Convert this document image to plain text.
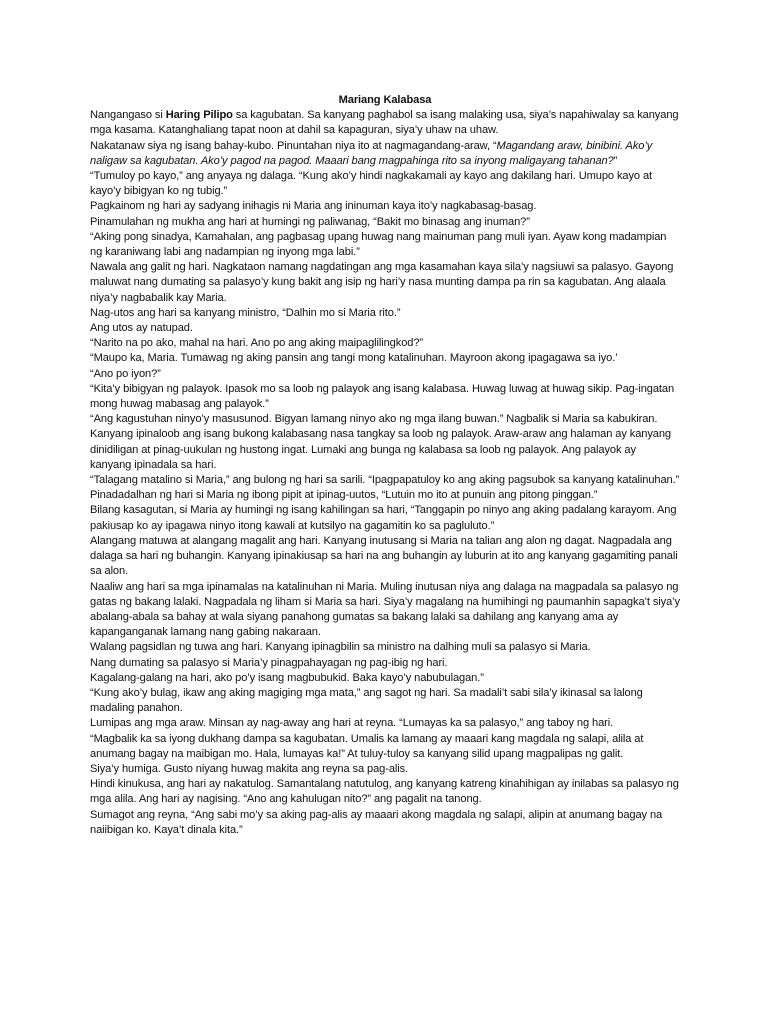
Mariang Kalabasa

Nangangaso si Haring Pilipo sa kagubatan. Sa kanyang paghabol sa isang malaking usa, siya’s napahiwalay sa kanyang mga kasama. Katanghaliang tapat noon at dahil sa kapaguran, siya’y uhaw na uhaw.

Nakatanaw siya ng isang bahay-kubo. Pinuntahan niya ito at nagmagandang-araw, “Magandang araw, binibini. Ako’y naligaw sa kagubatan. Ako’y pagod na pagod. Maaari bang magpahinga rito sa inyong maligayang tahanan?”

“Tumuloy po kayo,” ang anyaya ng dalaga. “Kung ako’y hindi nagkakamali ay kayo ang dakilang hari. Umupo kayo at kayo’y bibigyan ko ng tubig.”

Pagkainom ng hari ay sadyang inihagis ni Maria ang ininuman kaya ito’y nagkabasag-basag.

Pinamulahan ng mukha ang hari at humingi ng paliwanag, “Bakit mo binasag ang inuman?”

“Aking pong sinadya, Kamahalan, ang pagbasag upang huwag nang mainuman pang muli iyan. Ayaw kong madampian ng karaniwang labi ang nadampian ng inyong mga labi.”

Nawala ang galit ng hari. Nagkataon namang nagdatingan ang mga kasamahan kaya sila’y nagsiuwi sa palasyo. Gayong maluwat nang dumating sa palasyo’y kung bakit ang isip ng hari’y nasa munting dampa pa rin sa kagubatan. Ang alaala niya’y nagbabalik kay Maria.

Nag-utos ang hari sa kanyang ministro, “Dalhin mo si Maria rito.”

Ang utos ay natupad.

“Narito na po ako, mahal na hari. Ano po ang aking maipaglilingkod?”

“Maupo ka, Maria. Tumawag ng aking pansin ang tangi mong katalinuhan. Mayroon akong ipagagawa sa iyo.’

“Ano po iyon?”

“Kita’y bibigyan ng palayok. Ipasok mo sa loob ng palayok ang isang kalabasa. Huwag luwag at huwag sikip. Pag-ingatan mong huwag mabasag ang palayok.”

“Ang kagustuhan ninyo’y masusunod. Bigyan lamang ninyo ako ng mga ilang buwan.” Nagbalik si Maria sa kabukiran. Kanyang ipinaloob ang isang bukong kalabasang nasa tangkay sa loob ng palayok. Araw-araw ang halaman ay kanyang dinidiligan at pinag-uukulan ng hustong ingat. Lumaki ang bunga ng kalabasa sa loob ng palayok. Ang palayok ay kanyang ipinadala sa hari.

“Talagang matalino si Maria,” ang bulong ng hari sa sarili. “Ipagpapatuloy ko ang aking pagsubok sa kanyang katalinuhan.” Pinadadalhan ng hari si Maria ng ibong pipit at ipinag-uutos, “Lutuin mo ito at punuin ang pitong pinggan.”

Bilang kasagutan, si Maria ay humingi ng isang kahilingan sa hari, “Tanggapin po ninyo ang aking padalang karayom. Ang pakiusap ko ay ipagawa ninyo itong kawali at kutsilyo na gagamitin ko sa pagluluto.”

Alangang matuwa at alangang magalit ang hari. Kanyang inutusang si Maria na talian ang alon ng dagat. Nagpadala ang dalaga sa hari ng buhangin. Kanyang ipinakiusap sa hari na ang buhangin ay luburin at ito ang kanyang gagamiting panali sa alon.

Naaliw ang hari sa mga ipinamalas na katalinuhan ni Maria. Muling inutusan niya ang dalaga na magpadala sa palasyo ng gatas ng bakang lalaki. Nagpadala ng liham si Maria sa hari. Siya’y magalang na humihingi ng paumanhin sapagka’t siya’y abalang-abala sa bahay at wala siyang panahong gumatas sa bakang lalaki sa dahilang ang kanyang ama ay kapanganganak lamang nang gabing nakaraan.

Walang pagsidlan ng tuwa ang hari. Kanyang ipinagbilin sa ministro na dalhing muli sa palasyo si Maria.

Nang dumating sa palasyo si Maria’y pinagpahayagan ng pag-ibig ng hari.

Kagalang-galang na hari, ako po’y isang magbubukid. Baka kayo’y nabubulagan.”

“Kung ako’y bulag, ikaw ang aking magiging mga mata,” ang sagot ng hari. Sa madali’t sabi sila’y ikinasal sa lalong madaling panahon.

Lumipas ang mga araw. Minsan ay nag-away ang hari at reyna. “Lumayas ka sa palasyo,” ang taboy ng hari.

“Magbalik ka sa iyong dukhang dampa sa kagubatan. Umalis ka lamang ay maaari kang magdala ng salapi, alila at anumang bagay na maibigan mo. Hala, lumayas ka!” At tuluy-tuloy sa kanyang silid upang magpalipas ng galit.

Siya’y humiga. Gusto niyang huwag makita ang reyna sa pag-alis.

Hindi kinukusa, ang hari ay nakatulog. Samantalang natutulog, ang kanyang katreng kinahihigan ay inilabas sa palasyo ng mga alila. Ang hari ay nagising. “Ano ang kahulugan nito?” ang pagalit na tanong.

Sumagot ang reyna, “Ang sabi mo’y sa aking pag-alis ay maaari akong magdala ng salapi, alipin at anumang bagay na naiibigan ko. Kaya’t dinala kita.”
